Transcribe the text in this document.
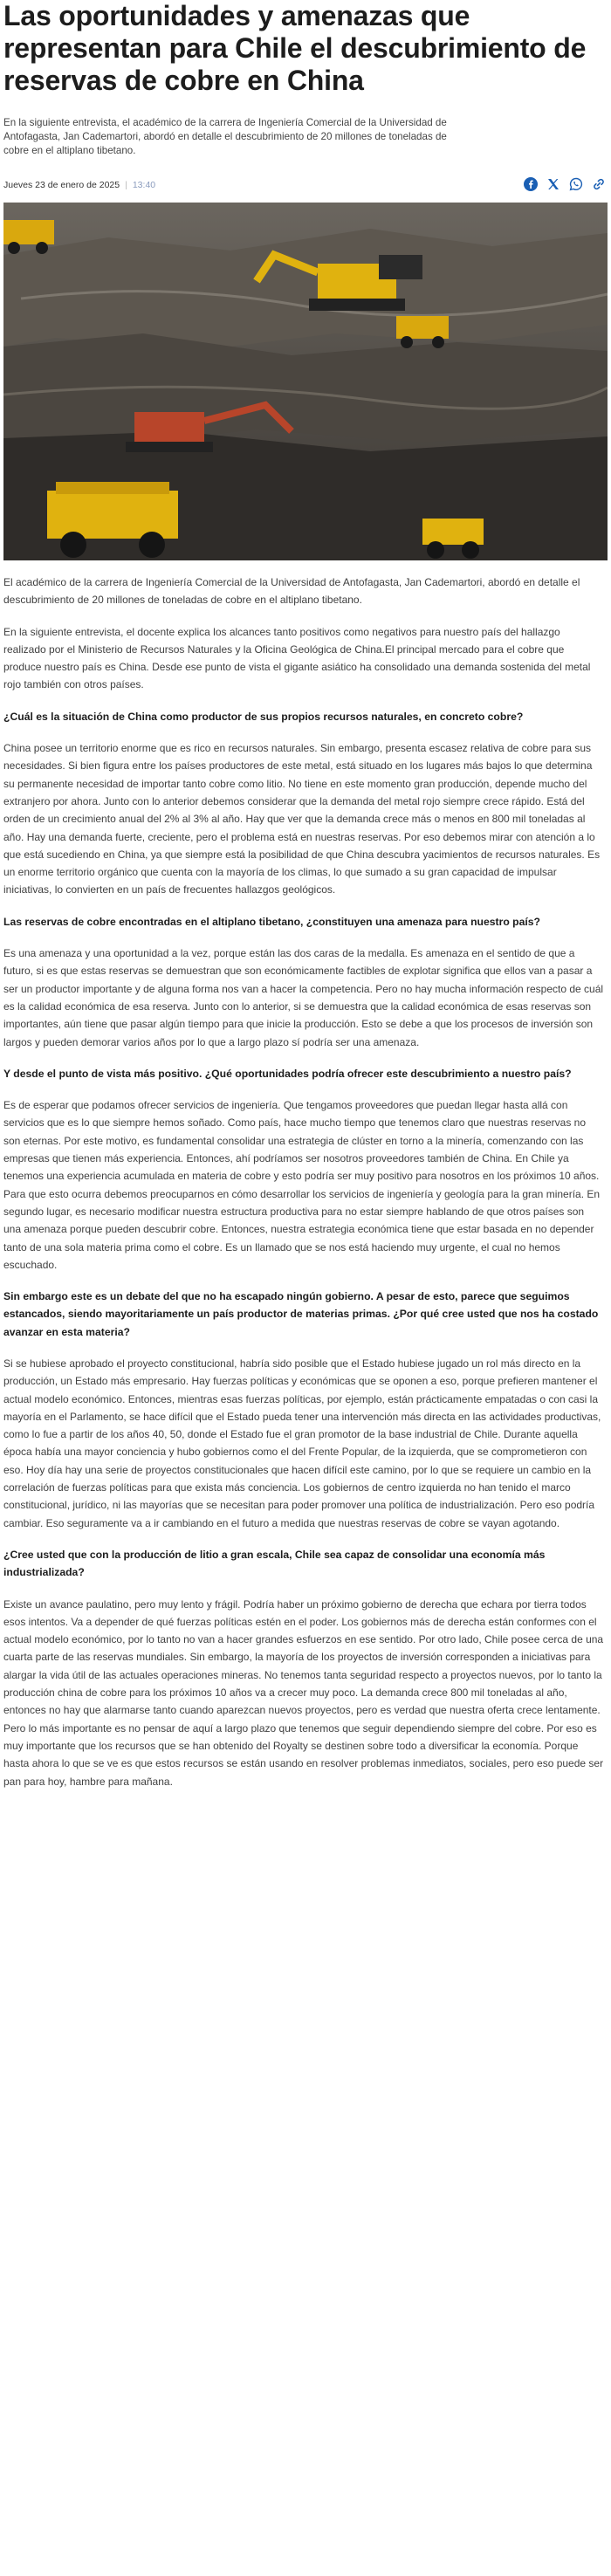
Las oportunidades y amenazas que representan para Chile el descubrimiento de reservas de cobre en China

En la siguiente entrevista, el académico de la carrera de Ingeniería Comercial de la Universidad de Antofagasta, Jan Cademartori, abordó en detalle el descubrimiento de 20 millones de toneladas de cobre en el altiplano tibetano.

Jueves 23 de enero de 2025 | 13:40

El académico de la carrera de Ingeniería Comercial de la Universidad de Antofagasta, Jan Cademartori, abordó en detalle el descubrimiento de 20 millones de toneladas de cobre en el altiplano tibetano.

En la siguiente entrevista, el docente explica los alcances tanto positivos como negativos para nuestro país del hallazgo realizado por el Ministerio de Recursos Naturales y la Oficina Geológica de China.El principal mercado para el cobre que produce nuestro país es China. Desde ese punto de vista el gigante asiático ha consolidado una demanda sostenida del metal rojo también con otros países.

¿Cuál es la situación de China como productor de sus propios recursos naturales, en concreto cobre?

China posee un territorio enorme que es rico en recursos naturales. Sin embargo, presenta escasez relativa de cobre para sus necesidades. Si bien figura entre los países productores de este metal, está situado en los lugares más bajos lo que determina su permanente necesidad de importar tanto cobre como litio. No tiene en este momento gran producción, depende mucho del extranjero por ahora. Junto con lo anterior debemos considerar que la demanda del metal rojo siempre crece rápido. Está del orden de un crecimiento anual del 2% al 3% al año. Hay que ver que la demanda crece más o menos en 800 mil toneladas al año. Hay una demanda fuerte, creciente, pero el problema está en nuestras reservas. Por eso debemos mirar con atención a lo que está sucediendo en China, ya que siempre está la posibilidad de que China descubra yacimientos de recursos naturales. Es un enorme territorio orgánico que cuenta con la mayoría de los climas, lo que sumado a su gran capacidad de impulsar iniciativas, lo convierten en un país de frecuentes hallazgos geológicos.

Las reservas de cobre encontradas en el altiplano tibetano, ¿constituyen una amenaza para nuestro país?

Es una amenaza y una oportunidad a la vez, porque están las dos caras de la medalla. Es amenaza en el sentido de que a futuro, si es que estas reservas se demuestran que son económicamente factibles de explotar significa que ellos van a pasar a ser un productor importante y de alguna forma nos van a hacer la competencia. Pero no hay mucha información respecto de cuál es la calidad económica de esa reserva. Junto con lo anterior, si se demuestra que la calidad económica de esas reservas son importantes, aún tiene que pasar algún tiempo para que inicie la producción. Esto se debe a que los procesos de inversión son largos y pueden demorar varios años por lo que a largo plazo sí podría ser una amenaza.

Y desde el punto de vista más positivo. ¿Qué oportunidades podría ofrecer este descubrimiento a nuestro país?

Es de esperar que podamos ofrecer servicios de ingeniería. Que tengamos proveedores que puedan llegar hasta allá con servicios que es lo que siempre hemos soñado. Como país, hace mucho tiempo que tenemos claro que nuestras reservas no son eternas. Por este motivo, es fundamental consolidar una estrategia de clúster en torno a la minería, comenzando con las empresas que tienen más experiencia. Entonces, ahí podríamos ser nosotros proveedores también de China. En Chile ya tenemos una experiencia acumulada en materia de cobre y esto podría ser muy positivo para nosotros en los próximos 10 años. Para que esto ocurra debemos preocuparnos en cómo desarrollar los servicios de ingeniería y geología para la gran minería. En segundo lugar, es necesario modificar nuestra estructura productiva para no estar siempre hablando de que otros países son una amenaza porque pueden descubrir cobre. Entonces, nuestra estrategia económica tiene que estar basada en no depender tanto de una sola materia prima como el cobre. Es un llamado que se nos está haciendo muy urgente, el cual no hemos escuchado.

Sin embargo este es un debate del que no ha escapado ningún gobierno. A pesar de esto, parece que seguimos estancados, siendo mayoritariamente un país productor de materias primas. ¿Por qué cree usted que nos ha costado avanzar en esta materia?

Si se hubiese aprobado el proyecto constitucional, habría sido posible que el Estado hubiese jugado un rol más directo en la producción, un Estado más empresario. Hay fuerzas políticas y económicas que se oponen a eso, porque prefieren mantener el actual modelo económico. Entonces, mientras esas fuerzas políticas, por ejemplo, están prácticamente empatadas o con casi la mayoría en el Parlamento, se hace difícil que el Estado pueda tener una intervención más directa en las actividades productivas, como lo fue a partir de los años 40, 50, donde el Estado fue el gran promotor de la base industrial de Chile. Durante aquella época había una mayor conciencia y hubo gobiernos como el del Frente Popular, de la izquierda, que se comprometieron con eso. Hoy día hay una serie de proyectos constitucionales que hacen difícil este camino, por lo que se requiere un cambio en la correlación de fuerzas políticas para que exista más conciencia. Los gobiernos de centro izquierda no han tenido el marco constitucional, jurídico, ni las mayorías que se necesitan para poder promover una política de industrialización. Pero eso podría cambiar. Eso seguramente va a ir cambiando en el futuro a medida que nuestras reservas de cobre se vayan agotando.

¿Cree usted que con la producción de litio a gran escala, Chile sea capaz de consolidar una economía más industrializada?

Existe un avance paulatino, pero muy lento y frágil. Podría haber un próximo gobierno de derecha que echara por tierra todos esos intentos. Va a depender de qué fuerzas políticas estén en el poder. Los gobiernos más de derecha están conformes con el actual modelo económico, por lo tanto no van a hacer grandes esfuerzos en ese sentido. Por otro lado, Chile posee cerca de una cuarta parte de las reservas mundiales. Sin embargo, la mayoría de los proyectos de inversión corresponden a iniciativas para alargar la vida útil de las actuales operaciones mineras. No tenemos tanta seguridad respecto a proyectos nuevos, por lo tanto la producción china de cobre para los próximos 10 años va a crecer muy poco. La demanda crece 800 mil toneladas al año, entonces no hay que alarmarse tanto cuando aparezcan nuevos proyectos, pero es verdad que nuestra oferta crece lentamente. Pero lo más importante es no pensar de aquí a largo plazo que tenemos que seguir dependiendo siempre del cobre. Por eso es muy importante que los recursos que se han obtenido del Royalty se destinen sobre todo a diversificar la economía. Porque hasta ahora lo que se ve es que estos recursos se están usando en resolver problemas inmediatos, sociales, pero eso puede ser pan para hoy, hambre para mañana.
